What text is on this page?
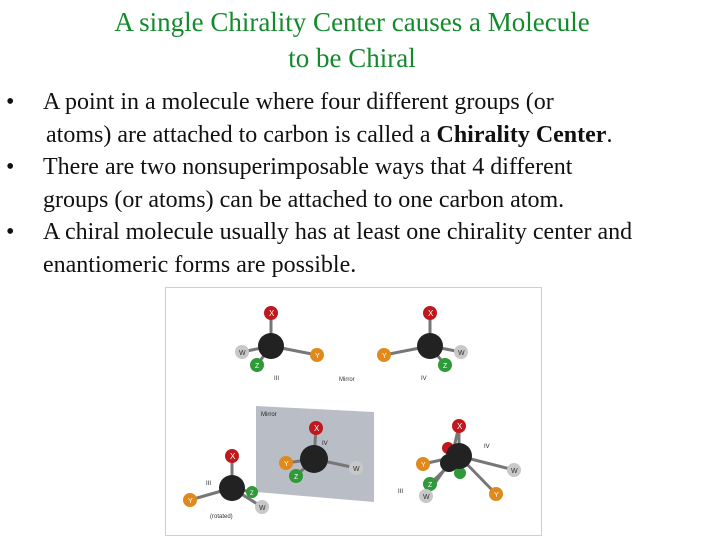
A single Chirality Center causes a Molecule
to be Chiral
• A point in a molecule where four different groups (or
atoms) are attached to carbon is called a Chirality Center.
• There are two nonsuperimposable ways that 4 different
groups (or atoms) can be attached to one carbon atom.
• A chiral molecule usually has at least one chirality center and
enantiomeric forms are possible.
X
W
Z
Y
III
X
Y	W
Z
IV
Mirror
X
Y
Z
W
IV
Mirror
X
Y
Z
W
III
(rotated)
X
Y
Z
W	Y
W
IV
III
